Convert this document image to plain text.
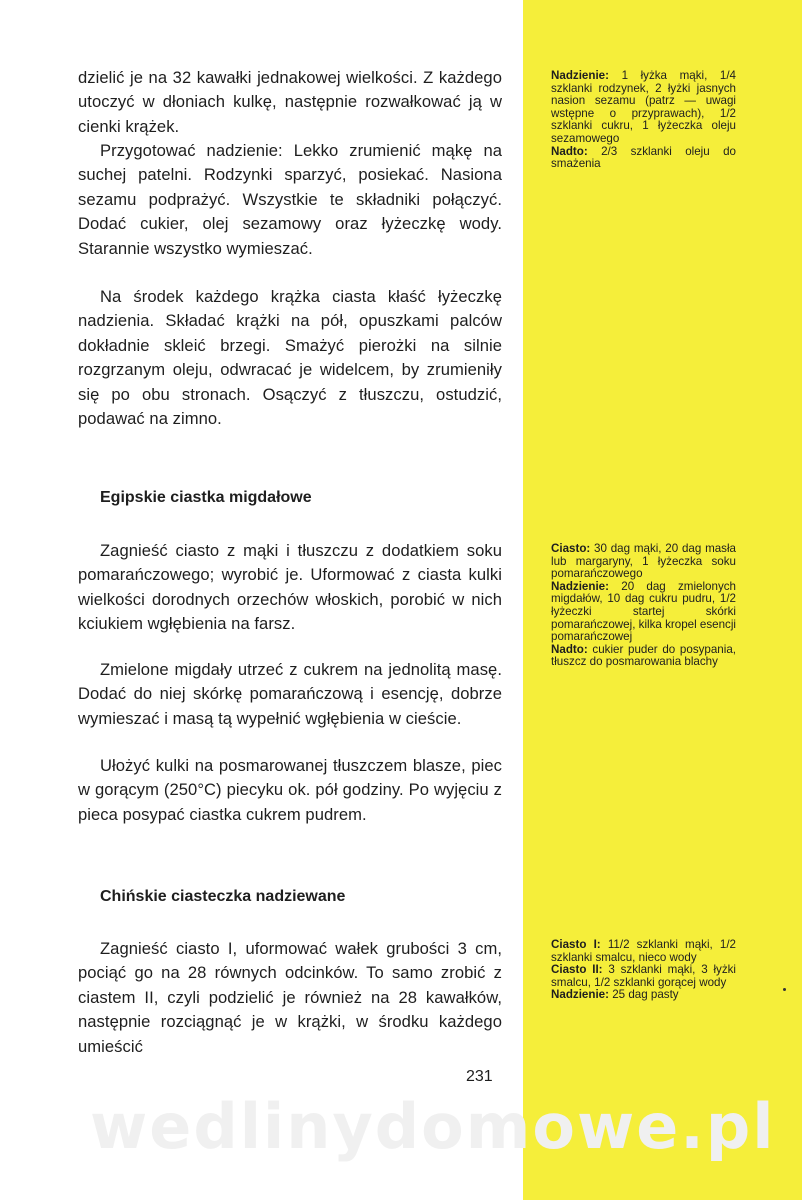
dzielić je na 32 kawałki jednakowej wielkości. Z każdego utoczyć w dłoniach kulkę, następnie rozwałkować ją w cienki krążek.

Przygotować nadzienie: Lekko zrumienić mąkę na suchej patelni. Rodzynki sparzyć, posiekać. Nasiona sezamu podprażyć. Wszystkie te składniki połączyć. Dodać cukier, olej sezamowy oraz łyżeczkę wody. Starannie wszystko wymieszać.

Na środek każdego krążka ciasta kłaść łyżeczkę nadzienia. Składać krążki na pół, opuszkami palców dokładnie skleić brzegi. Smażyć pierożki na silnie rozgrzanym oleju, odwracać je widelcem, by zrumieniły się po obu stronach. Osączyć z tłuszczu, ostudzić, podawać na zimno.

Egipskie ciastka migdałowe

Zagnieść ciasto z mąki i tłuszczu z dodatkiem soku pomarańczowego; wyrobić je. Uformować z ciasta kulki wielkości dorodnych orzechów włoskich, porobić w nich kciukiem wgłębienia na farsz.

Zmielone migdały utrzeć z cukrem na jednolitą masę. Dodać do niej skórkę pomarańczową i esencję, dobrze wymieszać i masą tą wypełnić wgłębienia w cieście.

Ułożyć kulki na posmarowanej tłuszczem blasze, piec w gorącym (250°C) piecyku ok. pół godziny. Po wyjęciu z pieca posypać ciastka cukrem pudrem.

Chińskie ciasteczka nadziewane

Zagnieść ciasto I, uformować wałek grubości 3 cm, pociąć go na 28 równych odcinków. To samo zrobić z ciastem II, czyli podzielić je również na 28 kawałków, następnie rozciągnąć je w krążki, w środku każdego umieścić

Nadzienie: 1 łyżka mąki, 1/4 szklanki rodzynek, 2 łyżki jasnych nasion sezamu (patrz — uwagi wstępne o przyprawach), 1/2 szklanki cukru, 1 łyżeczka oleju sezamowego
Nadto: 2/3 szklanki oleju do smażenia
Ciasto: 30 dag mąki, 20 dag masła lub margaryny, 1 łyżeczka soku pomarańczowego
Nadzienie: 20 dag zmielonych migdałów, 10 dag cukru pudru, 1/2 łyżeczki startej skórki pomarańczowej, kilka kropel esencji pomarańczowej
Nadto: cukier puder do posypania, tłuszcz do posmarowania blachy
Ciasto I: 11/2 szklanki mąki, 1/2 szklanki smalcu, nieco wody
Ciasto II: 3 szklanki mąki, 3 łyżki smalcu, 1/2 szklanki gorącej wody
Nadzienie: 25 dag pasty
231
wedlinydomowe.pl
